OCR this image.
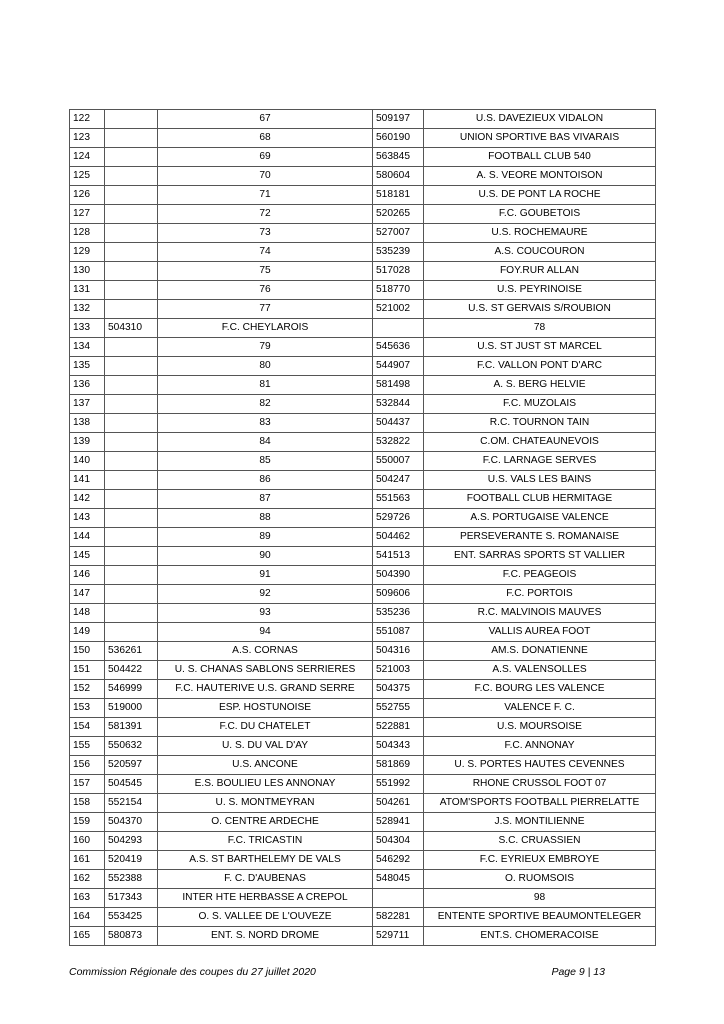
122		67	509197	U.S. DAVEZIEUX VIDALON
123		68	560190	UNION SPORTIVE BAS VIVARAIS
124		69	563845	FOOTBALL CLUB 540
125		70	580604	A. S. VEORE MONTOISON
126		71	518181	U.S. DE PONT LA ROCHE
127		72	520265	F.C. GOUBETOIS
128		73	527007	U.S. ROCHEMAURE
129		74	535239	A.S. COUCOURON
130		75	517028	FOY.RUR ALLAN
131		76	518770	U.S. PEYRINOISE
132		77	521002	U.S. ST GERVAIS S/ROUBION
133	504310	F.C. CHEYLAROIS		78
134		79	545636	U.S. ST JUST ST MARCEL
135		80	544907	F.C. VALLON PONT D'ARC
136		81	581498	A. S. BERG HELVIE
137		82	532844	F.C. MUZOLAIS
138		83	504437	R.C. TOURNON TAIN
139		84	532822	C.OM. CHATEAUNEVOIS
140		85	550007	F.C. LARNAGE SERVES
141		86	504247	U.S. VALS LES BAINS
142		87	551563	FOOTBALL CLUB HERMITAGE
143		88	529726	A.S. PORTUGAISE VALENCE
144		89	504462	PERSEVERANTE S. ROMANAISE
145		90	541513	ENT. SARRAS SPORTS ST VALLIER
146		91	504390	F.C. PEAGEOIS
147		92	509606	F.C. PORTOIS
148		93	535236	R.C. MALVINOIS MAUVES
149		94	551087	VALLIS AUREA FOOT
150	536261	A.S. CORNAS	504316	AM.S. DONATIENNE
151	504422	U. S. CHANAS SABLONS SERRIERES	521003	A.S. VALENSOLLES
152	546999	F.C. HAUTERIVE U.S. GRAND SERRE	504375	F.C. BOURG LES VALENCE
153	519000	ESP. HOSTUNOISE	552755	VALENCE F. C.
154	581391	F.C. DU CHATELET	522881	U.S. MOURSOISE
155	550632	U. S. DU VAL D'AY	504343	F.C. ANNONAY
156	520597	U.S. ANCONE	581869	U. S. PORTES HAUTES CEVENNES
157	504545	E.S. BOULIEU LES ANNONAY	551992	RHONE CRUSSOL FOOT 07
158	552154	U. S. MONTMEYRAN	504261	ATOM'SPORTS FOOTBALL PIERRELATTE
159	504370	O. CENTRE ARDECHE	528941	J.S. MONTILIENNE
160	504293	F.C. TRICASTIN	504304	S.C. CRUASSIEN
161	520419	A.S. ST BARTHELEMY DE VALS	546292	F.C. EYRIEUX EMBROYE
162	552388	F. C. D'AUBENAS	548045	O. RUOMSOIS
163	517343	INTER HTE HERBASSE A CREPOL		98
164	553425	O. S. VALLEE DE L'OUVEZE	582281	ENTENTE SPORTIVE BEAUMONTELEGER
165	580873	ENT. S. NORD DROME	529711	ENT.S. CHOMERACOISE
Commission Régionale des coupes du 27 juillet 2020	Page 9 | 13
